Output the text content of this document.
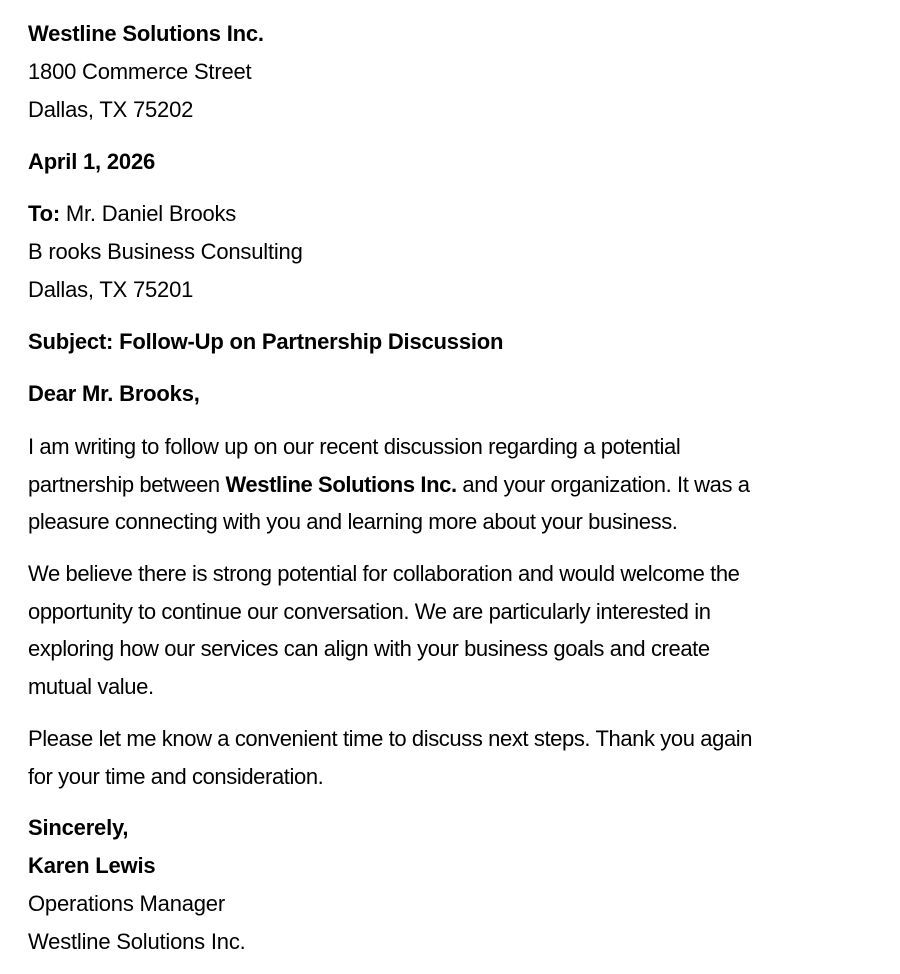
Westline Solutions Inc.
1800 Commerce Street
Dallas, TX 75202
April 1, 2026
To: Mr. Daniel Brooks
B rooks Business Consulting
Dallas, TX 75201
Subject: Follow-Up on Partnership Discussion
Dear Mr. Brooks,
I am writing to follow up on our recent discussion regarding a potential
partnership between Westline Solutions Inc. and your organization. It was a
pleasure connecting with you and learning more about your business.
We believe there is strong potential for collaboration and would welcome the
opportunity to continue our conversation. We are particularly interested in
exploring how our services can align with your business goals and create
mutual value.
Please let me know a convenient time to discuss next steps. Thank you again
for your time and consideration.
Sincerely,
Karen Lewis
Operations Manager
Westline Solutions Inc.
